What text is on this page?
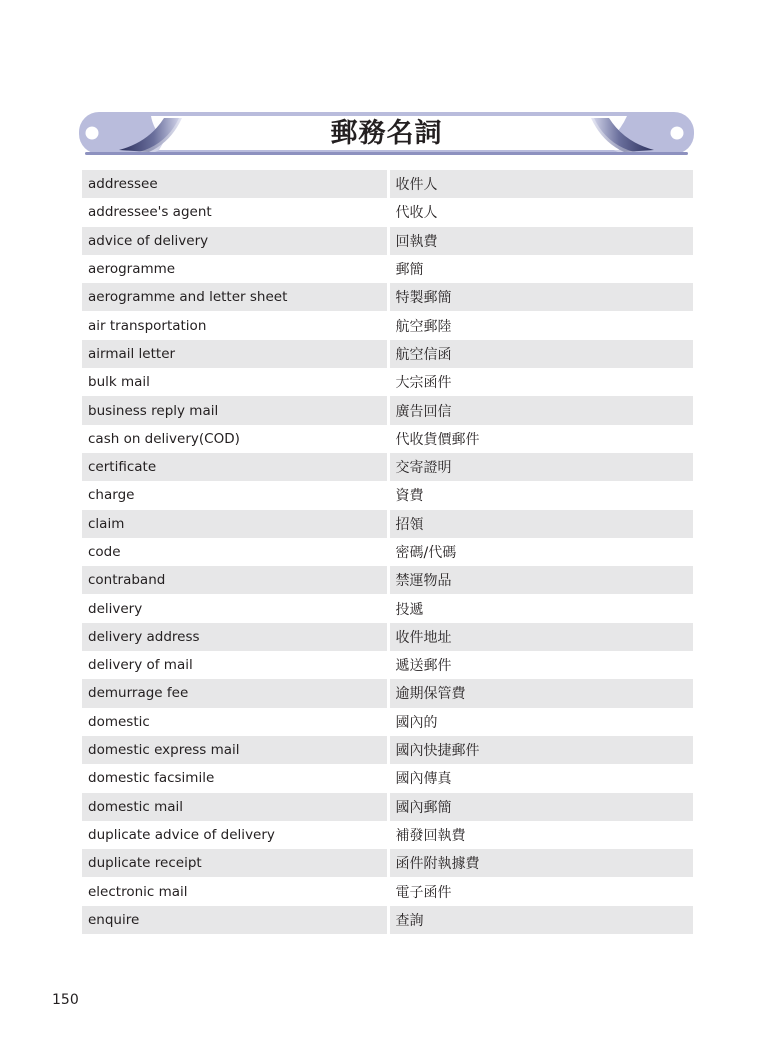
郵務名詞
addressee	收件人
addressee's agent	代收人
advice of delivery	回執費
aerogramme	郵簡
aerogramme and letter sheet	特製郵簡
air transportation	航空郵陸
airmail letter	航空信函
bulk mail	大宗函件
business reply mail	廣告回信
cash on delivery(COD)	代收貨價郵件
certificate	交寄證明
charge	資費
claim	招領
code	密碼/代碼
contraband	禁運物品
delivery	投遞
delivery address	收件地址
delivery of mail	遞送郵件
demurrage fee	逾期保管費
domestic	國內的
domestic express mail	國內快捷郵件
domestic facsimile	國內傳真
domestic mail	國內郵簡
duplicate advice of delivery	補發回執費
duplicate receipt	函件附執據費
electronic mail	電子函件
enquire	查詢
150
